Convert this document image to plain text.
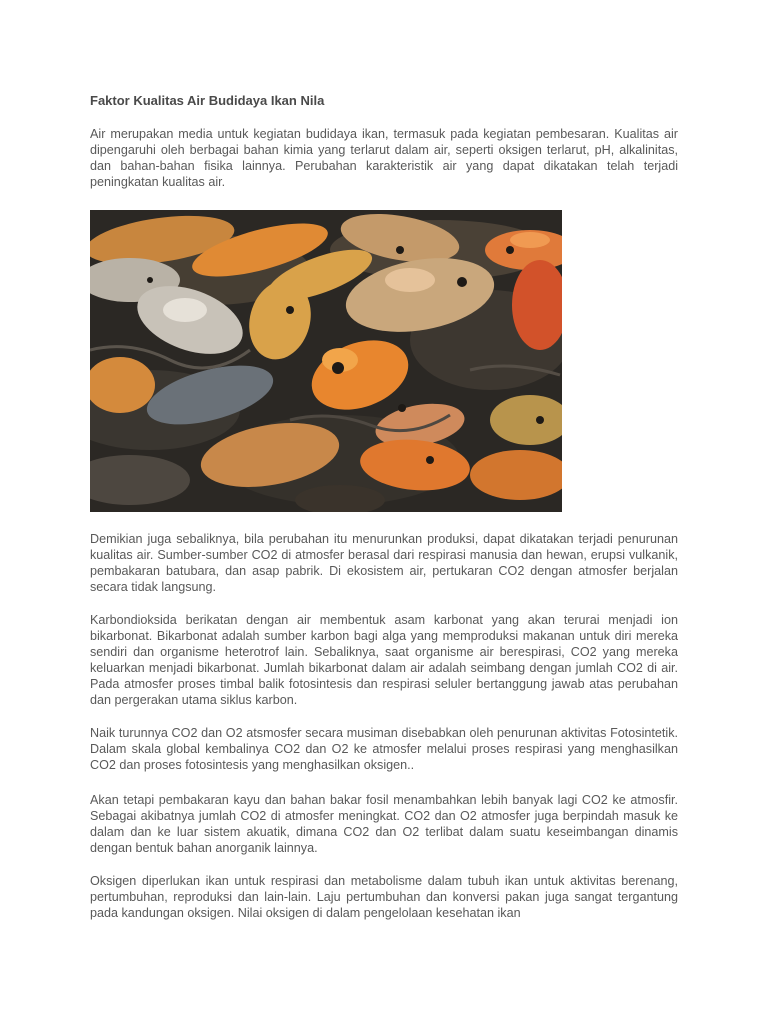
Faktor Kualitas Air Budidaya Ikan Nila

Air merupakan media untuk kegiatan budidaya ikan, termasuk pada kegiatan pembesaran. Kualitas air dipengaruhi oleh berbagai bahan kimia yang terlarut dalam air, seperti oksigen terlarut, pH, alkalinitas, dan bahan-bahan fisika lainnya. Perubahan karakteristik air yang dapat dikatakan telah terjadi peningkatan kualitas air.

Demikian juga sebaliknya, bila perubahan itu menurunkan produksi, dapat dikatakan terjadi penurunan kualitas air. Sumber-sumber CO2 di atmosfer berasal dari respirasi manusia dan hewan, erupsi vulkanik, pembakaran batubara, dan asap pabrik. Di ekosistem air, pertukaran CO2 dengan atmosfer berjalan secara tidak langsung.

Karbondioksida berikatan dengan air membentuk asam karbonat yang akan terurai menjadi ion bikarbonat. Bikarbonat adalah sumber karbon bagi alga yang memproduksi makanan untuk diri mereka sendiri dan organisme heterotrof lain. Sebaliknya, saat organisme air berespirasi, CO2 yang mereka keluarkan menjadi bikarbonat. Jumlah bikarbonat dalam air adalah seimbang dengan jumlah CO2 di air. Pada atmosfer proses timbal balik fotosintesis dan respirasi seluler bertanggung jawab atas perubahan dan pergerakan utama siklus karbon.

Naik turunnya CO2 dan O2 atsmosfer secara musiman disebabkan oleh penurunan aktivitas Fotosintetik. Dalam skala global kembalinya CO2 dan O2 ke atmosfer melalui proses respirasi yang menghasilkan CO2 dan proses fotosintesis yang menghasilkan oksigen..

Akan tetapi pembakaran kayu dan bahan bakar fosil menambahkan lebih banyak lagi CO2 ke atmosfir. Sebagai akibatnya jumlah CO2 di atmosfer meningkat. CO2 dan O2 atmosfer juga berpindah masuk ke dalam dan ke luar sistem akuatik, dimana CO2 dan O2 terlibat dalam suatu keseimbangan dinamis dengan bentuk bahan anorganik lainnya.

Oksigen diperlukan ikan untuk respirasi dan metabolisme dalam tubuh ikan untuk aktivitas berenang, pertumbuhan, reproduksi dan lain-lain. Laju pertumbuhan dan konversi pakan juga sangat tergantung pada kandungan oksigen. Nilai oksigen di dalam pengelolaan kesehatan ikan
